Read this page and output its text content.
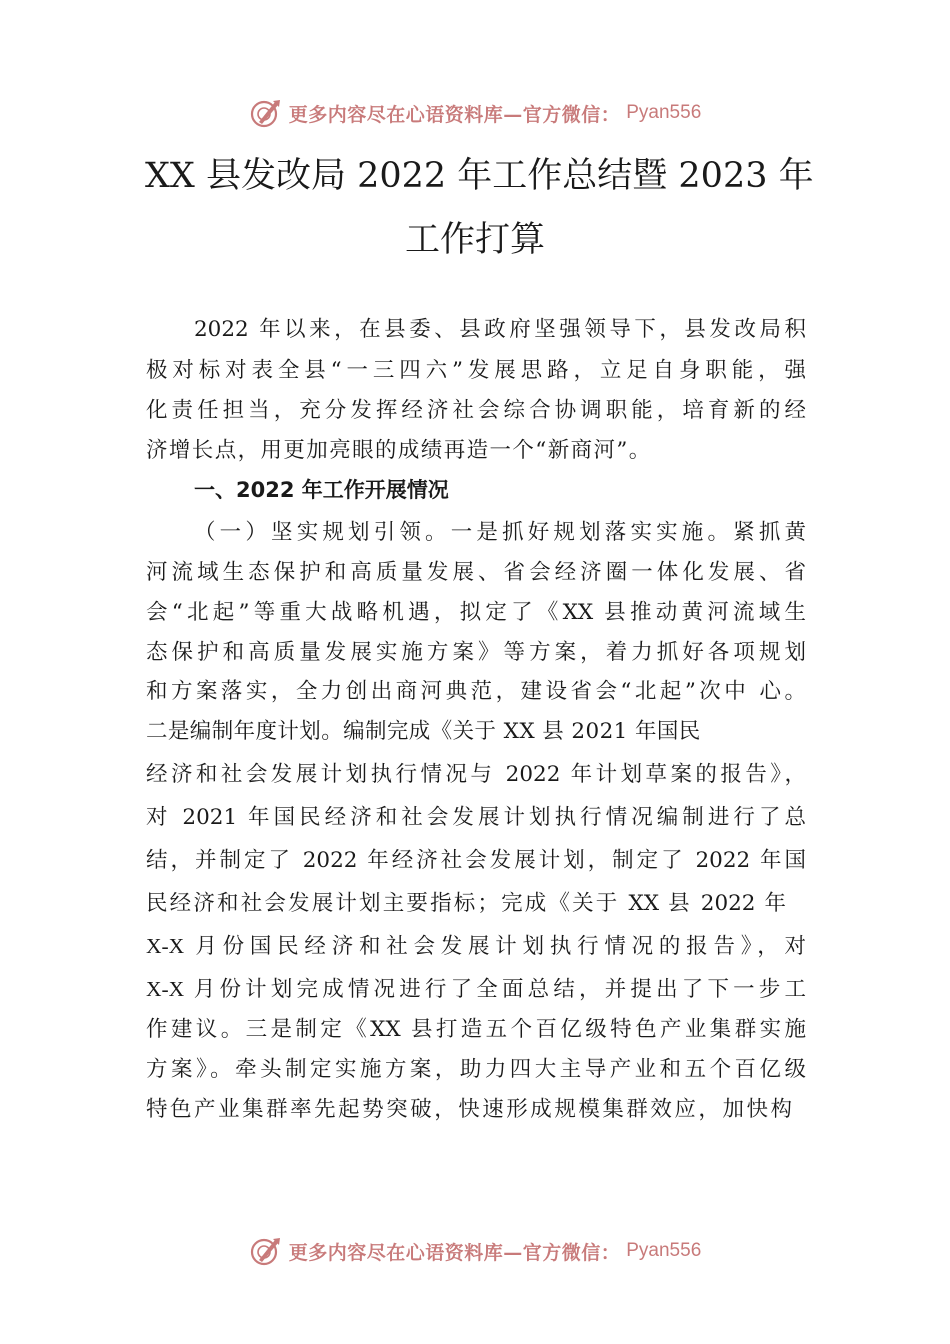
更多内容尽在心语资料库—官方微信： Pyan556
XX 县发改局 2022 年工作总结暨 2023 年
工作打算
2022 年以来，在县委、县政府坚强领导下，县发改局积
极对标对表全县“一三四六”发展思路，立足自身职能，强
化责任担当，充分发挥经济社会综合协调职能，培育新的经
济增长点，用更加亮眼的成绩再造一个“新商河”。
一、2022 年工作开展情况
（一）坚实规划引领。一是抓好规划落实实施。紧抓黄
河流域生态保护和高质量发展、省会经济圈一体化发展、省
会“北起”等重大战略机遇，拟定了《XX 县推动黄河流域生
态保护和高质量发展实施方案》等方案，着力抓好各项规划
和方案落实，全力创出商河典范，建设省会“北起”次中 心。
二是编制年度计划。编制完成《关于 XX 县 2021 年国民
经济和社会发展计划执行情况与 2022 年计划草案的报告》，
对 2021 年国民经济和社会发展计划执行情况编制进行了总
结，并制定了 2022 年经济社会发展计划，制定了 2022 年国
民经济和社会发展计划主要指标；完成《关于 XX 县 2022 年
X-X 月份国民经济和社会发展计划执行情况的报告》，对
X-X 月份计划完成情况进行了全面总结，并提出了下一步工
作建议。三是制定《XX 县打造五个百亿级特色产业集群实施
方案》。牵头制定实施方案，助力四大主导产业和五个百亿级
特色产业集群率先起势突破，快速形成规模集群效应，加快构
更多内容尽在心语资料库—官方微信： Pyan556
